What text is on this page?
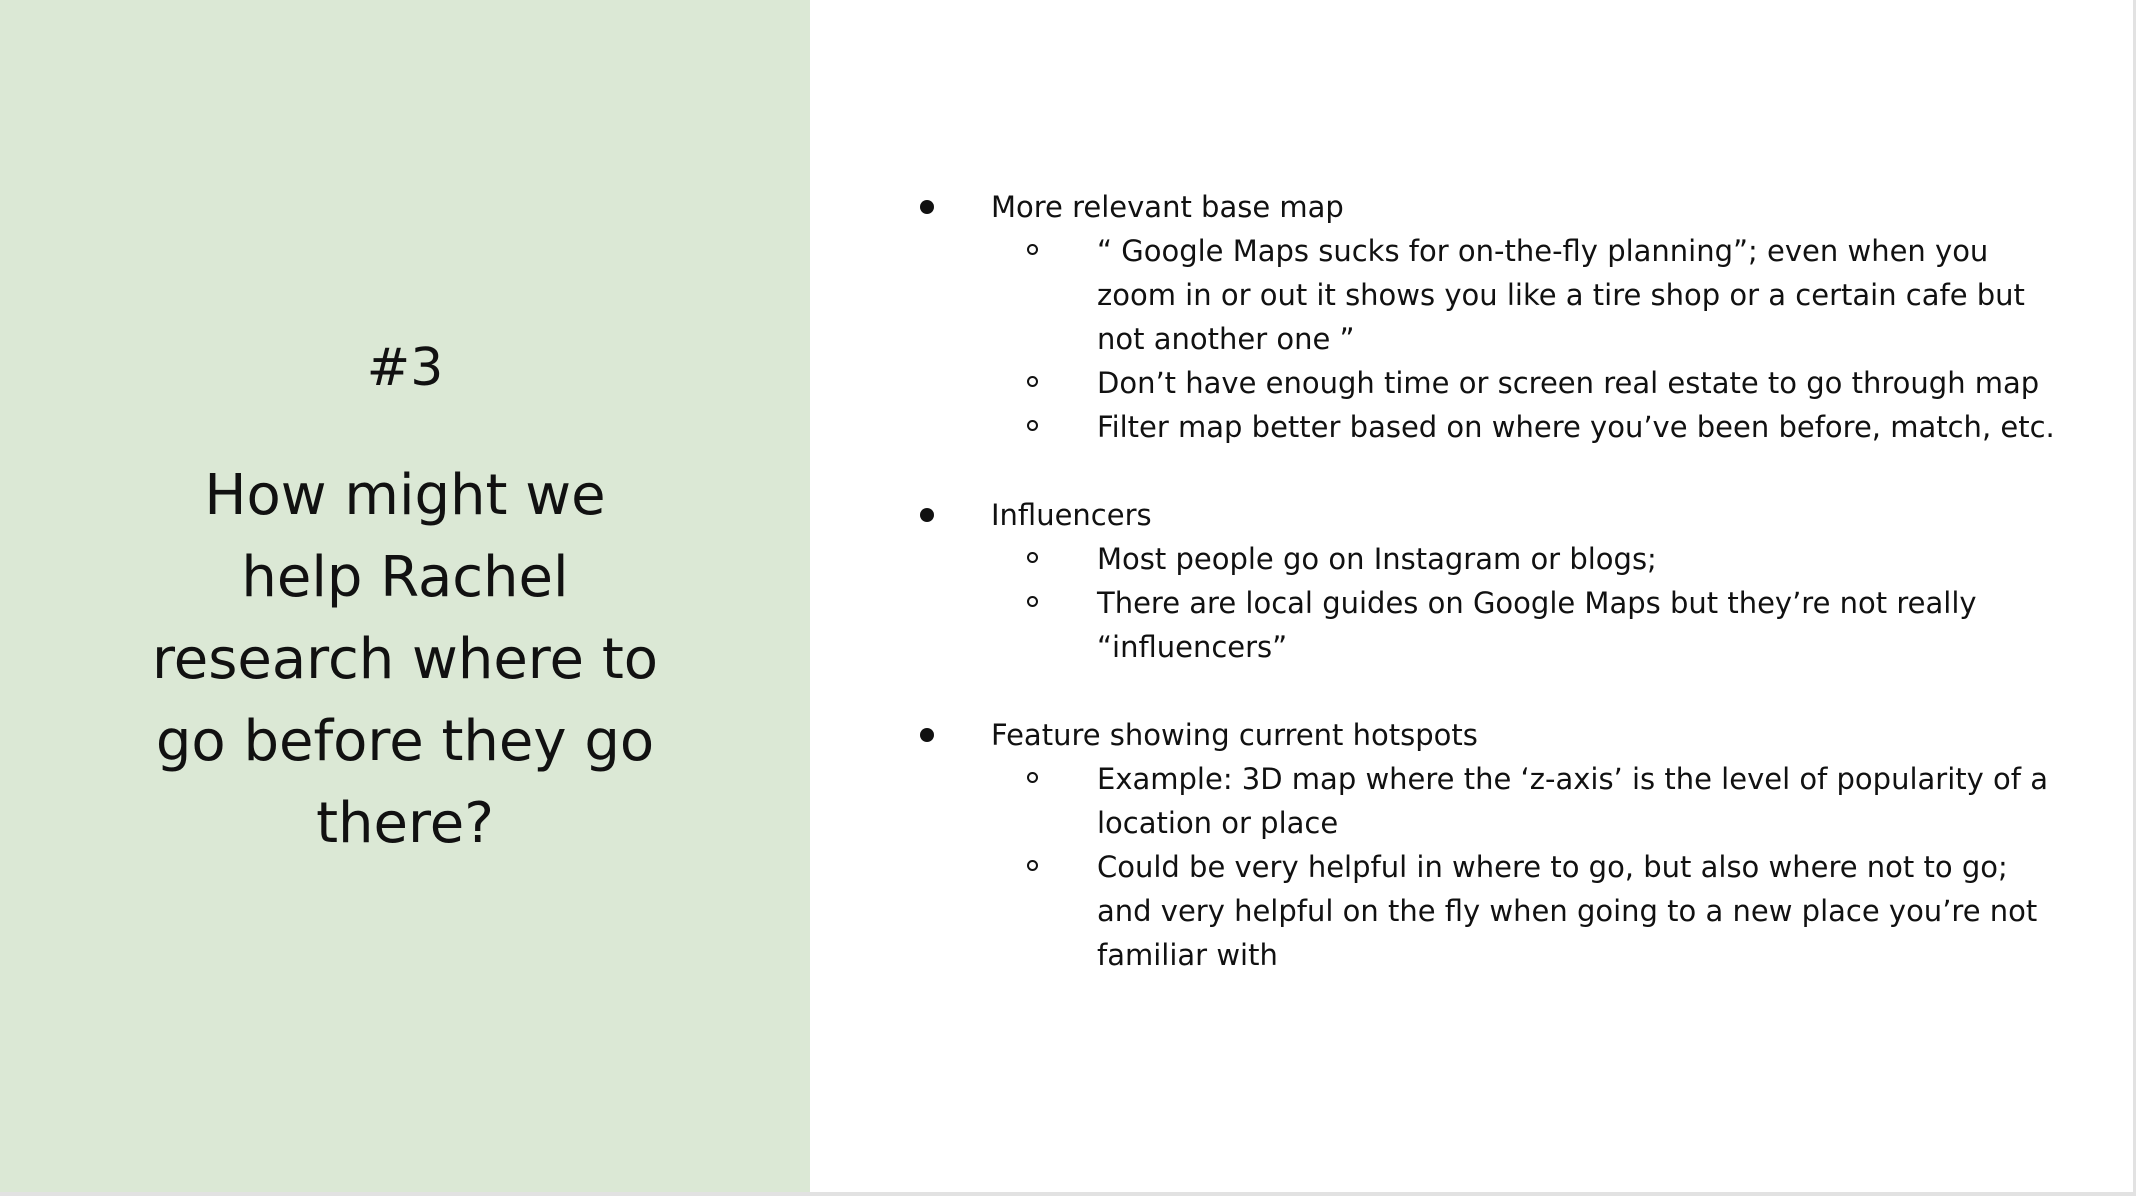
#3
How might we help Rachel research where to go before they go there?
More relevant base map
“ Google Maps sucks for on-the-fly planning”; even when you zoom in or out it shows you like a tire shop or a certain cafe but not another one ”
Don’t have enough time or screen real estate to go through map
Filter map better based on where you’ve been before, match, etc.
Influencers
Most people go on Instagram or blogs;
There are local guides on Google Maps but they’re not really “influencers”
Feature showing current hotspots
Example: 3D map where the ‘z-axis’ is the level of popularity of a location or place
Could be very helpful in where to go, but also where not to go; and very helpful on the fly when going to a new place you’re not familiar with
